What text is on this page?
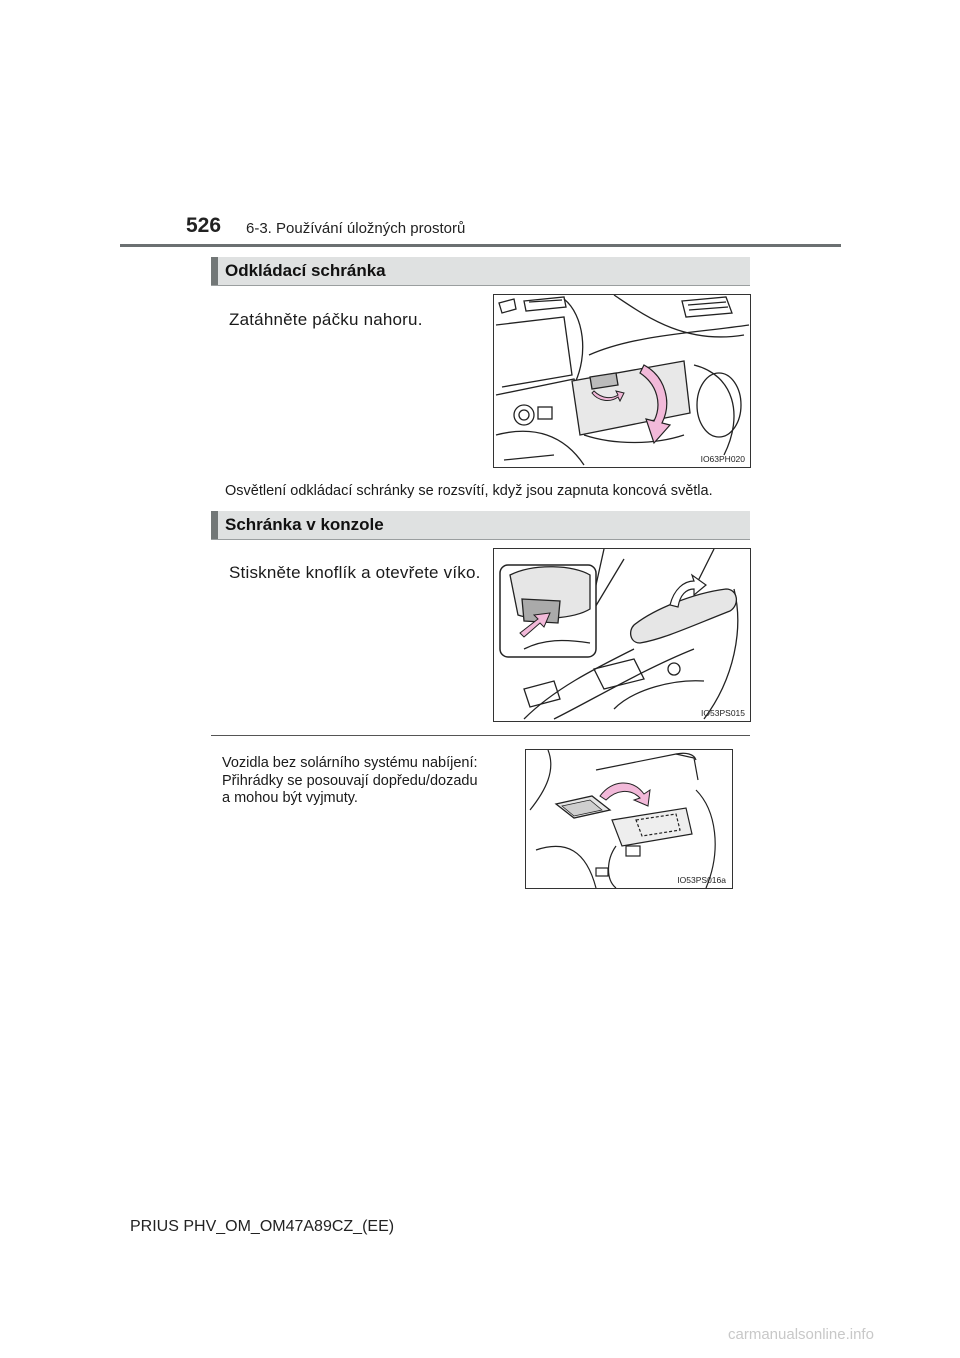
526 6-3. Používání úložných prostorů
Odkládací schránka
Zatáhněte páčku nahoru.
IO63PH020
Osvětlení odkládací schránky se rozsvítí, když jsou zapnuta koncová světla.
Schránka v konzole
Stiskněte knoflík a otevřete víko.
IO53PS015
Vozidla bez solárního systému nabíjení:
Přihrádky se posouvají dopředu/dozadu
a mohou být vyjmuty.
IO53PS016a
PRIUS PHV_OM_OM47A89CZ_(EE)
carmanualsonline.info
